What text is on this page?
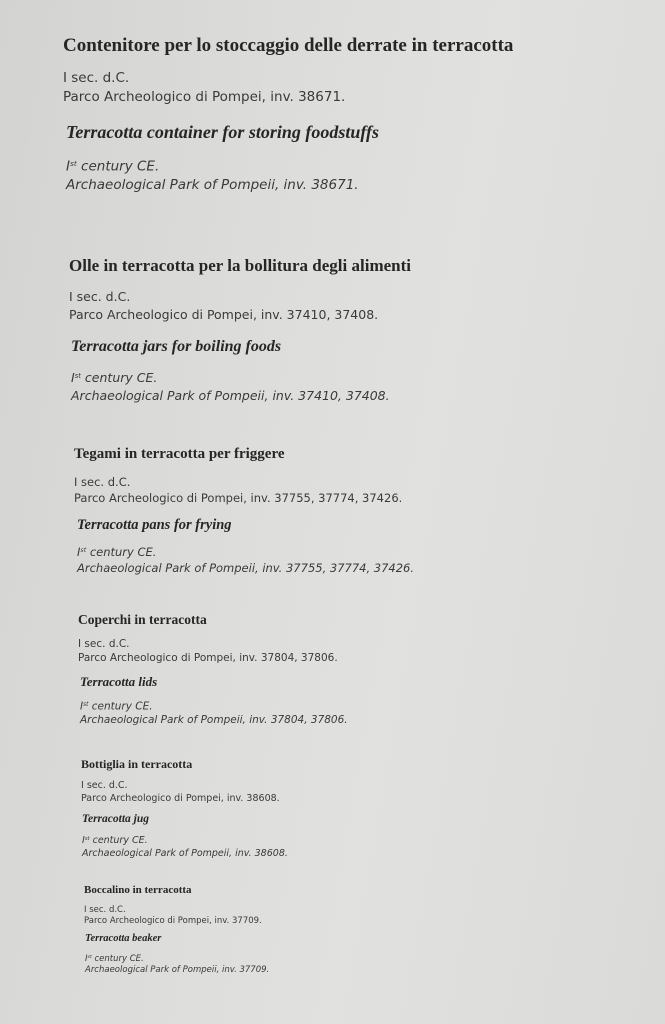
Contenitore per lo stoccaggio delle derrate in terracotta

I sec. d.C.
Parco Archeologico di Pompei, inv. 38671.

Terracotta container for storing foodstuffs

Ist century CE.
Archaeological Park of Pompeii, inv. 38671.

Olle in terracotta per la bollitura degli alimenti

I sec. d.C.
Parco Archeologico di Pompei, inv. 37410, 37408.

Terracotta jars for boiling foods

Ist century CE.
Archaeological Park of Pompeii, inv. 37410, 37408.

Tegami in terracotta per friggere

I sec. d.C.
Parco Archeologico di Pompei, inv. 37755, 37774, 37426.

Terracotta pans for frying

Ist century CE.
Archaeological Park of Pompeii, inv. 37755, 37774, 37426.

Coperchi in terracotta

I sec. d.C.
Parco Archeologico di Pompei, inv. 37804, 37806.

Terracotta lids

Ist century CE.
Archaeological Park of Pompeii, inv. 37804, 37806.

Bottiglia in terracotta

I sec. d.C.
Parco Archeologico di Pompei, inv. 38608.

Terracotta jug

Ist century CE.
Archaeological Park of Pompeii, inv. 38608.

Boccalino in terracotta

I sec. d.C.
Parco Archeologico di Pompei, inv. 37709.

Terracotta beaker

Ist century CE.
Archaeological Park of Pompeii, inv. 37709.
